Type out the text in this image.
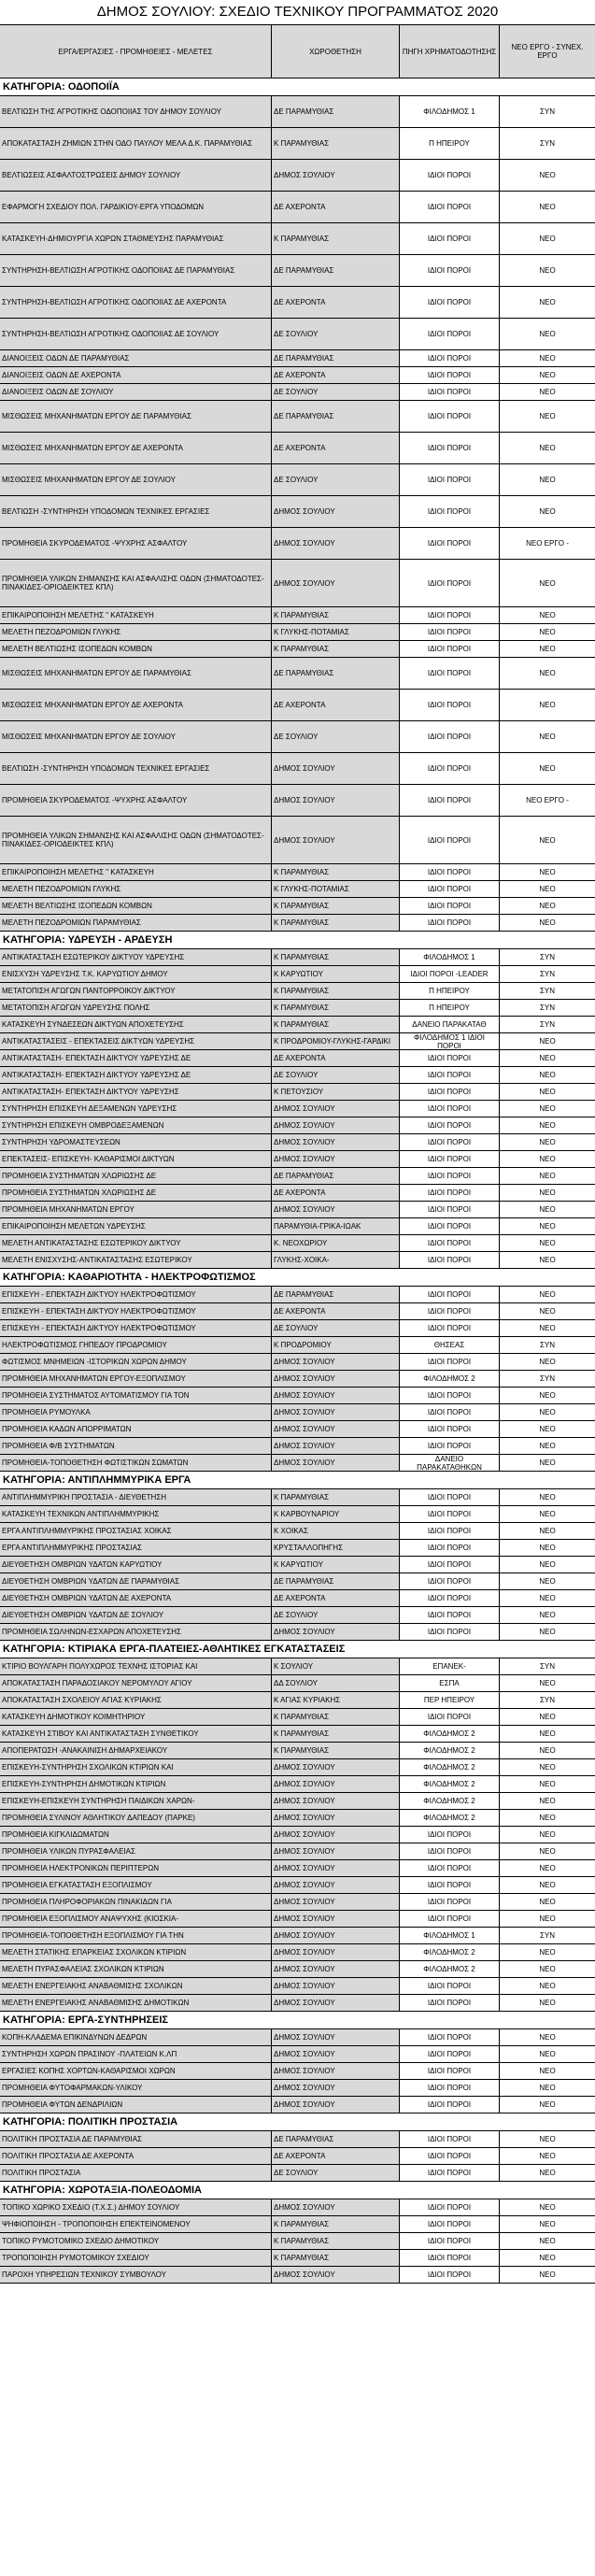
ΔΗΜΟΣ ΣΟΥΛΙΟΥ: ΣΧΕΔΙΟ ΤΕΧΝΙΚΟΥ ΠΡΟΓΡΑΜΜΑΤΟΣ 2020
ΕΡΓΑ/ΕΡΓΑΣΙΕΣ - ΠΡΟΜΗΘΕΙΕΣ - ΜΕΛΕΤΕΣ	ΧΩΡΟΘΕΤΗΣΗ	ΠΗΓΗ ΧΡΗΜΑΤΟΔΟΤΗΣΗΣ	ΝΕΟ ΕΡΓΟ - ΣΥΝΕΧ. ΕΡΓΟ
ΚΑΤΗΓΟΡΙΑ: ΟΔΟΠΟΙΪΑ
ΒΕΛΤΙΩΣΗ ΤΗΣ ΑΓΡΟΤΙΚΗΣ ΟΔΟΠΟΙΙΑΣ ΤΟΥ ΔΗΜΟΥ ΣΟΥΛΙΟΥ	ΔΕ ΠΑΡΑΜΥΘΙΑΣ	ΦΙΛΟΔΗΜΟΣ 1	ΣΥΝ
ΑΠΟΚΑΤΑΣΤΑΣΗ ΖΗΜΙΩΝ ΣΤΗΝ ΟΔΟ ΠΑΥΛΟΥ ΜΕΛΑ Δ.Κ. ΠΑΡΑΜΥΘΙΑΣ	Κ ΠΑΡΑΜΥΘΙΑΣ	Π ΗΠΕΙΡΟΥ	ΣΥΝ
ΒΕΛΤΙΩΣΕΙΣ ΑΣΦΑΛΤΟΣΤΡΩΣΕΙΣ ΔΗΜΟΥ ΣΟΥΛΙΟΥ	ΔΗΜΟΣ ΣΟΥΛΙΟΥ	ΙΔΙΟΙ ΠΟΡΟΙ	ΝΕΟ
ΕΦΑΡΜΟΓΗ ΣΧΕΔΙΟΥ ΠΟΛ. ΓΑΡΔΙΚΙΟΥ-ΕΡΓΑ ΥΠΟΔΟΜΩΝ	ΔΕ ΑΧΕΡΟΝΤΑ	ΙΔΙΟΙ ΠΟΡΟΙ	ΝΕΟ
ΚΑΤΑΣΚΕΥΗ-ΔΗΜΙΟΥΡΓΙΑ ΧΩΡΩΝ ΣΤΑΘΜΕΥΣΗΣ ΠΑΡΑΜΥΘΙΑΣ	Κ ΠΑΡΑΜΥΘΙΑΣ	ΙΔΙΟΙ ΠΟΡΟΙ	ΝΕΟ
ΣΥΝΤΗΡΗΣΗ-ΒΕΛΤΙΩΣΗ ΑΓΡΟΤΙΚΗΣ ΟΔΟΠΟΙΙΑΣ ΔΕ ΠΑΡΑΜΥΘΙΑΣ	ΔΕ ΠΑΡΑΜΥΘΙΑΣ	ΙΔΙΟΙ ΠΟΡΟΙ	ΝΕΟ
ΣΥΝΤΗΡΗΣΗ-ΒΕΛΤΙΩΣΗ ΑΓΡΟΤΙΚΗΣ ΟΔΟΠΟΙΙΑΣ ΔΕ ΑΧΕΡΟΝΤΑ	ΔΕ ΑΧΕΡΟΝΤΑ	ΙΔΙΟΙ ΠΟΡΟΙ	ΝΕΟ
ΣΥΝΤΗΡΗΣΗ-ΒΕΛΤΙΩΣΗ ΑΓΡΟΤΙΚΗΣ ΟΔΟΠΟΙΙΑΣ ΔΕ ΣΟΥΛΙΟΥ	ΔΕ ΣΟΥΛΙΟΥ	ΙΔΙΟΙ ΠΟΡΟΙ	ΝΕΟ
ΔΙΑΝΟΙΞΕΙΣ ΟΔΩΝ ΔΕ ΠΑΡΑΜΥΘΙΑΣ	ΔΕ ΠΑΡΑΜΥΘΙΑΣ	ΙΔΙΟΙ ΠΟΡΟΙ	ΝΕΟ
ΔΙΑΝΟΙΞΕΙΣ ΟΔΩΝ ΔΕ ΑΧΕΡΟΝΤΑ	ΔΕ ΑΧΕΡΟΝΤΑ	ΙΔΙΟΙ ΠΟΡΟΙ	ΝΕΟ
ΔΙΑΝΟΙΞΕΙΣ ΟΔΩΝ ΔΕ ΣΟΥΛΙΟΥ	ΔΕ ΣΟΥΛΙΟΥ	ΙΔΙΟΙ ΠΟΡΟΙ	ΝΕΟ
ΜΙΣΘΩΣΕΙΣ ΜΗΧΑΝΗΜΑΤΩΝ ΕΡΓΟΥ ΔΕ ΠΑΡΑΜΥΘΙΑΣ	ΔΕ ΠΑΡΑΜΥΘΙΑΣ	ΙΔΙΟΙ ΠΟΡΟΙ	ΝΕΟ
ΜΙΣΘΩΣΕΙΣ ΜΗΧΑΝΗΜΑΤΩΝ ΕΡΓΟΥ ΔΕ ΑΧΕΡΟΝΤΑ	ΔΕ ΑΧΕΡΟΝΤΑ	ΙΔΙΟΙ ΠΟΡΟΙ	ΝΕΟ
ΜΙΣΘΩΣΕΙΣ ΜΗΧΑΝΗΜΑΤΩΝ ΕΡΓΟΥ ΔΕ ΣΟΥΛΙΟΥ	ΔΕ ΣΟΥΛΙΟΥ	ΙΔΙΟΙ ΠΟΡΟΙ	ΝΕΟ
ΒΕΛΤΙΩΣΗ -ΣΥΝΤΗΡΗΣΗ ΥΠΟΔΟΜΩΝ ΤΕΧΝΙΚΕΣ ΕΡΓΑΣΙΕΣ	ΔΗΜΟΣ ΣΟΥΛΙΟΥ	ΙΔΙΟΙ ΠΟΡΟΙ	ΝΕΟ
ΠΡΟΜΗΘΕΙΑ ΣΚΥΡΟΔΕΜΑΤΟΣ -ΨΥΧΡΗΣ ΑΣΦΑΛΤΟΥ	ΔΗΜΟΣ ΣΟΥΛΙΟΥ	ΙΔΙΟΙ ΠΟΡΟΙ	ΝΕΟ ΕΡΓΟ -
ΠΡΟΜΗΘΕΙΑ ΥΛΙΚΩΝ ΣΗΜΑΝΣΗΣ ΚΑΙ ΑΣΦΑΛΙΣΗΣ ΟΔΩΝ (ΣΗΜΑΤΟΔΟΤΕΣ-ΠΙΝΑΚΙΔΕΣ-ΟΡΙΟΔΕΙΚΤΕΣ ΚΠΛ)	ΔΗΜΟΣ ΣΟΥΛΙΟΥ	ΙΔΙΟΙ ΠΟΡΟΙ	ΝΕΟ
ΕΠΙΚΑΙΡΟΠΟΙΗΣΗ ΜΕΛΕΤΗΣ " ΚΑΤΑΣΚΕΥΗ	Κ ΠΑΡΑΜΥΘΙΑΣ	ΙΔΙΟΙ ΠΟΡΟΙ	ΝΕΟ
ΜΕΛΕΤΗ ΠΕΖΟΔΡΟΜΙΩΝ ΓΛΥΚΗΣ	Κ ΓΛΥΚΗΣ-ΠΟΤΑΜΙΑΣ	ΙΔΙΟΙ ΠΟΡΟΙ	ΝΕΟ
ΜΕΛΕΤΗ ΒΕΛΤΙΩΣΗΣ ΙΣΟΠΕΔΩΝ ΚΟΜΒΩΝ	Κ ΠΑΡΑΜΥΘΙΑΣ	ΙΔΙΟΙ ΠΟΡΟΙ	ΝΕΟ
ΜΙΣΘΩΣΕΙΣ ΜΗΧΑΝΗΜΑΤΩΝ ΕΡΓΟΥ ΔΕ ΠΑΡΑΜΥΘΙΑΣ	ΔΕ ΠΑΡΑΜΥΘΙΑΣ	ΙΔΙΟΙ ΠΟΡΟΙ	ΝΕΟ
ΜΙΣΘΩΣΕΙΣ ΜΗΧΑΝΗΜΑΤΩΝ ΕΡΓΟΥ ΔΕ ΑΧΕΡΟΝΤΑ	ΔΕ ΑΧΕΡΟΝΤΑ	ΙΔΙΟΙ ΠΟΡΟΙ	ΝΕΟ
ΜΙΣΘΩΣΕΙΣ ΜΗΧΑΝΗΜΑΤΩΝ ΕΡΓΟΥ ΔΕ ΣΟΥΛΙΟΥ	ΔΕ ΣΟΥΛΙΟΥ	ΙΔΙΟΙ ΠΟΡΟΙ	ΝΕΟ
ΒΕΛΤΙΩΣΗ -ΣΥΝΤΗΡΗΣΗ ΥΠΟΔΟΜΩΝ ΤΕΧΝΙΚΕΣ ΕΡΓΑΣΙΕΣ	ΔΗΜΟΣ ΣΟΥΛΙΟΥ	ΙΔΙΟΙ ΠΟΡΟΙ	ΝΕΟ
ΠΡΟΜΗΘΕΙΑ ΣΚΥΡΟΔΕΜΑΤΟΣ -ΨΥΧΡΗΣ ΑΣΦΑΛΤΟΥ	ΔΗΜΟΣ ΣΟΥΛΙΟΥ	ΙΔΙΟΙ ΠΟΡΟΙ	ΝΕΟ ΕΡΓΟ -
ΠΡΟΜΗΘΕΙΑ ΥΛΙΚΩΝ ΣΗΜΑΝΣΗΣ ΚΑΙ ΑΣΦΑΛΙΣΗΣ ΟΔΩΝ (ΣΗΜΑΤΟΔΟΤΕΣ-ΠΙΝΑΚΙΔΕΣ-ΟΡΙΟΔΕΙΚΤΕΣ ΚΠΛ)	ΔΗΜΟΣ ΣΟΥΛΙΟΥ	ΙΔΙΟΙ ΠΟΡΟΙ	ΝΕΟ
ΕΠΙΚΑΙΡΟΠΟΙΗΣΗ ΜΕΛΕΤΗΣ " ΚΑΤΑΣΚΕΥΗ	Κ ΠΑΡΑΜΥΘΙΑΣ	ΙΔΙΟΙ ΠΟΡΟΙ	ΝΕΟ
ΜΕΛΕΤΗ ΠΕΖΟΔΡΟΜΙΩΝ ΓΛΥΚΗΣ	Κ ΓΛΥΚΗΣ-ΠΟΤΑΜΙΑΣ	ΙΔΙΟΙ ΠΟΡΟΙ	ΝΕΟ
ΜΕΛΕΤΗ ΒΕΛΤΙΩΣΗΣ ΙΣΟΠΕΔΩΝ ΚΟΜΒΩΝ	Κ ΠΑΡΑΜΥΘΙΑΣ	ΙΔΙΟΙ ΠΟΡΟΙ	ΝΕΟ
ΜΕΛΕΤΗ ΠΕΖΟΔΡΟΜΙΩΝ ΠΑΡΑΜΥΘΙΑΣ	Κ ΠΑΡΑΜΥΘΙΑΣ	ΙΔΙΟΙ ΠΟΡΟΙ	ΝΕΟ
ΚΑΤΗΓΟΡΙΑ: ΥΔΡΕΥΣΗ - ΑΡΔΕΥΣΗ
ΑΝΤΙΚΑΤΑΣΤΑΣΗ ΕΣΩΤΕΡΙΚΟΥ ΔΙΚΤΥΟΥ ΥΔΡΕΥΣΗΣ	Κ ΠΑΡΑΜΥΘΙΑΣ	ΦΙΛΟΔΗΜΟΣ 1	ΣΥΝ
ΕΝΙΣΧΥΣΗ ΥΔΡΕΥΣΗΣ Τ.Κ. ΚΑΡΥΩΤΙΟΥ ΔΗΜΟΥ	Κ ΚΑΡΥΩΤΙΟΥ	ΙΔΙΟΙ ΠΟΡΟΙ -LEADER	ΣΥΝ
ΜΕΤΑΤΟΠΙΣΗ ΑΓΩΓΩΝ ΠΑΝΤΟΡΡΟΙΚΟΥ ΔΙΚΤΥΟΥ	Κ ΠΑΡΑΜΥΘΙΑΣ	Π ΗΠΕΙΡΟΥ	ΣΥΝ
ΜΕΤΑΤΟΠΙΣΗ ΑΓΩΓΩΝ ΥΔΡΕΥΣΗΣ ΠΟΛΗΣ	Κ ΠΑΡΑΜΥΘΙΑΣ	Π ΗΠΕΙΡΟΥ	ΣΥΝ
ΚΑΤΑΣΚΕΥΗ ΣΥΝΔΕΣΕΩΝ ΔΙΚΤΥΩΝ ΑΠΟΧΕΤΕΥΣΗΣ	Κ ΠΑΡΑΜΥΘΙΑΣ	ΔΑΝΕΙΟ ΠΑΡΑΚΑΤΑΘ	ΣΥΝ
ΑΝΤΙΚΑΤΑΣΤΑΣΕΙΣ - ΕΠΕΚΤΑΣΕΙΣ ΔΙΚΤΥΩΝ ΥΔΡΕΥΣΗΣ	Κ ΠΡΟΔΡΟΜΙΟΥ-ΓΛΥΚΗΣ-ΓΑΡΔΙΚΙ	ΦΙΛΟΔΗΜΟΣ 1 ΙΔΙΟΙ ΠΟΡΟΙ	ΝΕΟ
ΑΝΤΙΚΑΤΑΣΤΑΣΗ- ΕΠΕΚΤΑΣΗ ΔΙΚΤΥΟΥ ΥΔΡΕΥΣΗΣ ΔΕ	ΔΕ ΑΧΕΡΟΝΤΑ	ΙΔΙΟΙ ΠΟΡΟΙ	ΝΕΟ
ΑΝΤΙΚΑΤΑΣΤΑΣΗ- ΕΠΕΚΤΑΣΗ ΔΙΚΤΥΟΥ ΥΔΡΕΥΣΗΣ ΔΕ	ΔΕ ΣΟΥΛΙΟΥ	ΙΔΙΟΙ ΠΟΡΟΙ	ΝΕΟ
ΑΝΤΙΚΑΤΑΣΤΑΣΗ- ΕΠΕΚΤΑΣΗ ΔΙΚΤΥΟΥ ΥΔΡΕΥΣΗΣ	Κ ΠΕΤΟΥΣΙΟΥ	ΙΔΙΟΙ ΠΟΡΟΙ	ΝΕΟ
ΣΥΝΤΗΡΗΣΗ ΕΠΙΣΚΕΥΗ ΔΕΞΑΜΕΝΩΝ ΥΔΡΕΥΣΗΣ	ΔΗΜΟΣ ΣΟΥΛΙΟΥ	ΙΔΙΟΙ ΠΟΡΟΙ	ΝΕΟ
ΣΥΝΤΗΡΗΣΗ ΕΠΙΣΚΕΥΗ ΟΜΒΡΟΔΕΞΑΜΕΝΩΝ	ΔΗΜΟΣ ΣΟΥΛΙΟΥ	ΙΔΙΟΙ ΠΟΡΟΙ	ΝΕΟ
ΣΥΝΤΗΡΗΣΗ ΥΔΡΟΜΑΣΤΕΥΣΕΩΝ	ΔΗΜΟΣ ΣΟΥΛΙΟΥ	ΙΔΙΟΙ ΠΟΡΟΙ	ΝΕΟ
ΕΠΕΚΤΑΣΕΙΣ- ΕΠΙΣΚΕΥΗ- ΚΑΘΑΡΙΣΜΟΙ ΔΙΚΤΥΩΝ	ΔΗΜΟΣ ΣΟΥΛΙΟΥ	ΙΔΙΟΙ ΠΟΡΟΙ	ΝΕΟ
ΠΡΟΜΗΘΕΙΑ ΣΥΣΤΗΜΑΤΩΝ ΧΛΩΡΙΩΣΗΣ ΔΕ	ΔΕ ΠΑΡΑΜΥΘΙΑΣ	ΙΔΙΟΙ ΠΟΡΟΙ	ΝΕΟ
ΠΡΟΜΗΘΕΙΑ ΣΥΣΤΗΜΑΤΩΝ ΧΛΩΡΙΩΣΗΣ ΔΕ	ΔΕ ΑΧΕΡΟΝΤΑ	ΙΔΙΟΙ ΠΟΡΟΙ	ΝΕΟ
ΠΡΟΜΗΘΕΙΑ ΜΗΧΑΝΗΜΑΤΩΝ ΕΡΓΟΥ	ΔΗΜΟΣ ΣΟΥΛΙΟΥ	ΙΔΙΟΙ ΠΟΡΟΙ	ΝΕΟ
ΕΠΙΚΑΙΡΟΠΟΙΗΣΗ ΜΕΛΕΤΩΝ ΥΔΡΕΥΣΗΣ	ΠΑΡΑΜΥΘΙΑ-ΓΡΙΚΑ-ΙΩΑΚ	ΙΔΙΟΙ ΠΟΡΟΙ	ΝΕΟ
ΜΕΛΕΤΗ ΑΝΤΙΚΑΤΑΣΤΑΣΗΣ ΕΣΩΤΕΡΙΚΟΥ ΔΙΚΤΥΟΥ	Κ. ΝΕΟΧΩΡΙΟΥ	ΙΔΙΟΙ ΠΟΡΟΙ	ΝΕΟ
ΜΕΛΕΤΗ ΕΝΙΣΧΥΣΗΣ-ΑΝΤΙΚΑΤΑΣΤΑΣΗΣ ΕΣΩΤΕΡΙΚΟΥ	ΓΛΥΚΗΣ-ΧΟΙΚΑ-	ΙΔΙΟΙ ΠΟΡΟΙ	ΝΕΟ
ΚΑΤΗΓΟΡΙΑ: ΚΑΘΑΡΙΟΤΗΤΑ - ΗΛΕΚΤΡΟΦΩΤΙΣΜΟΣ
ΕΠΙΣΚΕΥΗ - ΕΠΕΚΤΑΣΗ ΔΙΚΤΥΟΥ ΗΛΕΚΤΡΟΦΩΤΙΣΜΟΥ	ΔΕ ΠΑΡΑΜΥΘΙΑΣ	ΙΔΙΟΙ ΠΟΡΟΙ	ΝΕΟ
ΕΠΙΣΚΕΥΗ - ΕΠΕΚΤΑΣΗ ΔΙΚΤΥΟΥ ΗΛΕΚΤΡΟΦΩΤΙΣΜΟΥ	ΔΕ ΑΧΕΡΟΝΤΑ	ΙΔΙΟΙ ΠΟΡΟΙ	ΝΕΟ
ΕΠΙΣΚΕΥΗ - ΕΠΕΚΤΑΣΗ ΔΙΚΤΥΟΥ ΗΛΕΚΤΡΟΦΩΤΙΣΜΟΥ	ΔΕ ΣΟΥΛΙΟΥ	ΙΔΙΟΙ ΠΟΡΟΙ	ΝΕΟ
ΗΛΕΚΤΡΟΦΩΤΙΣΜΟΣ ΓΗΠΕΔΟΥ ΠΡΟΔΡΟΜΙΟΥ	Κ ΠΡΟΔΡΟΜΙΟΥ	ΘΗΣΕΑΣ	ΣΥΝ
ΦΩΤΙΣΜΟΣ ΜΝΗΜΕΙΩΝ -ΙΣΤΟΡΙΚΩΝ ΧΩΡΩΝ ΔΗΜΟΥ	ΔΗΜΟΣ ΣΟΥΛΙΟΥ	ΙΔΙΟΙ ΠΟΡΟΙ	ΝΕΟ
ΠΡΟΜΗΘΕΙΑ ΜΗΧΑΝΗΜΑΤΩΝ ΕΡΓΟΥ-ΕΞΟΠΛΙΣΜΟΥ	ΔΗΜΟΣ ΣΟΥΛΙΟΥ	ΦΙΛΟΔΗΜΟΣ 2	ΣΥΝ
ΠΡΟΜΗΘΕΙΑ ΣΥΣΤΗΜΑΤΟΣ ΑΥΤΟΜΑΤΙΣΜΟΥ ΓΙΑ ΤΟΝ	ΔΗΜΟΣ ΣΟΥΛΙΟΥ	ΙΔΙΟΙ ΠΟΡΟΙ	ΝΕΟ
ΠΡΟΜΗΘΕΙΑ ΡΥΜΟΥΛΚΑ	ΔΗΜΟΣ ΣΟΥΛΙΟΥ	ΙΔΙΟΙ ΠΟΡΟΙ	ΝΕΟ
ΠΡΟΜΗΘΕΙΑ ΚΑΔΩΝ ΑΠΟΡΡΙΜΑΤΩΝ	ΔΗΜΟΣ ΣΟΥΛΙΟΥ	ΙΔΙΟΙ ΠΟΡΟΙ	ΝΕΟ
ΠΡΟΜΗΘΕΙΑ Φ/Β ΣΥΣΤΗΜΑΤΩΝ	ΔΗΜΟΣ ΣΟΥΛΙΟΥ	ΙΔΙΟΙ ΠΟΡΟΙ	ΝΕΟ
ΠΡΟΜΗΘΕΙΑ-ΤΟΠΟΘΕΤΗΣΗ ΦΩΤΙΣΤΙΚΩΝ ΣΩΜΑΤΩΝ	ΔΗΜΟΣ ΣΟΥΛΙΟΥ	ΔΑΝΕΙΟ ΠΑΡΑΚΑΤΑΘΗΚΩΝ	ΝΕΟ
ΚΑΤΗΓΟΡΙΑ: ΑΝΤΙΠΛΗΜΜΥΡΙΚΑ ΕΡΓΑ
ΑΝΤΙΠΛΗΜΜΥΡΙΚΗ ΠΡΟΣΤΑΣΙΑ - ΔΙΕΥΘΕΤΗΣΗ	Κ ΠΑΡΑΜΥΘΙΑΣ	ΙΔΙΟΙ ΠΟΡΟΙ	ΝΕΟ
ΚΑΤΑΣΚΕΥΗ ΤΕΧΝΙΚΩΝ ΑΝΤΙΠΛΗΜΜΥΡΙΚΗΣ	Κ ΚΑΡΒΟΥΝΑΡΙΟΥ	ΙΔΙΟΙ ΠΟΡΟΙ	ΝΕΟ
ΕΡΓΑ ΑΝΤΙΠΛΗΜΜΥΡΙΚΗΣ ΠΡΟΣΤΑΣΙΑΣ ΧΟΙΚΑΣ	Κ ΧΟΙΚΑΣ	ΙΔΙΟΙ ΠΟΡΟΙ	ΝΕΟ
ΕΡΓΑ ΑΝΤΙΠΛΗΜΜΥΡΙΚΗΣ ΠΡΟΣΤΑΣΙΑΣ	ΚΡΥΣΤΑΛΛΟΠΗΓΗΣ	ΙΔΙΟΙ ΠΟΡΟΙ	ΝΕΟ
ΔΙΕΥΘΕΤΗΣΗ ΟΜΒΡΙΩΝ ΥΔΑΤΩΝ ΚΑΡΥΩΤΙΟΥ	Κ ΚΑΡΥΩΤΙΟΥ	ΙΔΙΟΙ ΠΟΡΟΙ	ΝΕΟ
ΔΙΕΥΘΕΤΗΣΗ ΟΜΒΡΙΩΝ ΥΔΑΤΩΝ ΔΕ ΠΑΡΑΜΥΘΙΑΣ	ΔΕ ΠΑΡΑΜΥΘΙΑΣ	ΙΔΙΟΙ ΠΟΡΟΙ	ΝΕΟ
ΔΙΕΥΘΕΤΗΣΗ ΟΜΒΡΙΩΝ ΥΔΑΤΩΝ ΔΕ ΑΧΕΡΟΝΤΑ	ΔΕ ΑΧΕΡΟΝΤΑ	ΙΔΙΟΙ ΠΟΡΟΙ	ΝΕΟ
ΔΙΕΥΘΕΤΗΣΗ ΟΜΒΡΙΩΝ ΥΔΑΤΩΝ ΔΕ ΣΟΥΛΙΟΥ	ΔΕ ΣΟΥΛΙΟΥ	ΙΔΙΟΙ ΠΟΡΟΙ	ΝΕΟ
ΠΡΟΜΗΘΕΙΑ ΣΩΛΗΝΩΝ-ΕΣΧΑΡΩΝ ΑΠΟΧΕΤΕΥΣΗΣ	ΔΗΜΟΣ ΣΟΥΛΙΟΥ	ΙΔΙΟΙ ΠΟΡΟΙ	ΝΕΟ
ΚΑΤΗΓΟΡΙΑ: ΚΤΙΡΙΑΚΑ ΕΡΓΑ-ΠΛΑΤΕΙΕΣ-ΑΘΛΗΤΙΚΕΣ ΕΓΚΑΤΑΣΤΑΣΕΙΣ
ΚΤΙΡΙΟ ΒΟΥΛΓΑΡΗ ΠΟΛΥΧΩΡΟΣ ΤΕΧΝΗΣ ΙΣΤΟΡΙΑΣ ΚΑΙ	Κ ΣΟΥΛΙΟΥ	ΕΠΑΝΕΚ-	ΣΥΝ
ΑΠΟΚΑΤΑΣΤΑΣΗ ΠΑΡΑΔΟΣΙΑΚΟΥ ΝΕΡΟΜΥΛΟΥ ΑΓΙΟΥ	ΔΔ ΣΟΥΛΙΟΥ	ΕΣΠΑ	ΝΕΟ
ΑΠΟΚΑΤΑΣΤΑΣΗ ΣΧΟΛΕΙΟΥ ΑΓΙΑΣ ΚΥΡΙΑΚΗΣ	Κ ΑΓΙΑΣ ΚΥΡΙΑΚΗΣ	ΠΕΡ ΗΠΕΙΡΟΥ	ΣΥΝ
ΚΑΤΑΣΚΕΥΗ ΔΗΜΟΤΙΚΟΥ ΚΟΙΜΗΤΗΡΙΟΥ	Κ ΠΑΡΑΜΥΘΙΑΣ	ΙΔΙΟΙ ΠΟΡΟΙ	ΝΕΟ
ΚΑΤΑΣΚΕΥΗ ΣΤΙΒΟΥ ΚΑΙ ΑΝΤΙΚΑΤΑΣΤΑΣΗ ΣΥΝΘΕΤΙΚΟΥ	Κ ΠΑΡΑΜΥΘΙΑΣ	ΦΙΛΟΔΗΜΟΣ 2	ΝΕΟ
ΑΠΟΠΕΡΑΤΩΣΗ -ΑΝΑΚΑΙΝΙΣΗ ΔΗΜΑΡΧΕΙΑΚΟΥ	Κ ΠΑΡΑΜΥΘΙΑΣ	ΦΙΛΟΔΗΜΟΣ 2	ΝΕΟ
ΕΠΙΣΚΕΥΗ-ΣΥΝΤΗΡΗΣΗ ΣΧΟΛΙΚΩΝ ΚΤΙΡΙΩΝ ΚΑΙ	ΔΗΜΟΣ ΣΟΥΛΙΟΥ	ΦΙΛΟΔΗΜΟΣ 2	ΝΕΟ
ΕΠΙΣΚΕΥΗ-ΣΥΝΤΗΡΗΣΗ ΔΗΜΟΤΙΚΩΝ ΚΤΙΡΙΩΝ	ΔΗΜΟΣ ΣΟΥΛΙΟΥ	ΦΙΛΟΔΗΜΟΣ 2	ΝΕΟ
ΕΠΙΣΚΕΥΗ-ΕΠΙΣΚΕΥΗ ΣΥΝΤΗΡΗΣΗ ΠΑΙΔΙΚΩΝ ΧΑΡΩΝ-	ΔΗΜΟΣ ΣΟΥΛΙΟΥ	ΦΙΛΟΔΗΜΟΣ 2	ΝΕΟ
ΠΡΟΜΗΘΕΙΑ ΣΥΛΙΝΟΥ ΑΘΛΗΤΙΚΟΥ ΔΑΠΕΔΟΥ (ΠΑΡΚΕ)	ΔΗΜΟΣ ΣΟΥΛΙΟΥ	ΦΙΛΟΔΗΜΟΣ 2	ΝΕΟ
ΠΡΟΜΗΘΕΙΑ ΚΙΓΚΛΙΔΩΜΑΤΩΝ	ΔΗΜΟΣ ΣΟΥΛΙΟΥ	ΙΔΙΟΙ ΠΟΡΟΙ	ΝΕΟ
ΠΡΟΜΗΘΕΙΑ ΥΛΙΚΩΝ ΠΥΡΑΣΦΑΛΕΙΑΣ	ΔΗΜΟΣ ΣΟΥΛΙΟΥ	ΙΔΙΟΙ ΠΟΡΟΙ	ΝΕΟ
ΠΡΟΜΗΘΕΙΑ ΗΛΕΚΤΡΟΝΙΚΩΝ ΠΕΡΙΠΤΕΡΩΝ	ΔΗΜΟΣ ΣΟΥΛΙΟΥ	ΙΔΙΟΙ ΠΟΡΟΙ	ΝΕΟ
ΠΡΟΜΗΘΕΙΑ ΕΓΚΑΤΑΣΤΑΣΗ ΕΞΟΠΛΙΣΜΟΥ	ΔΗΜΟΣ ΣΟΥΛΙΟΥ	ΙΔΙΟΙ ΠΟΡΟΙ	ΝΕΟ
ΠΡΟΜΗΘΕΙΑ ΠΛΗΡΟΦΟΡΙΑΚΩΝ ΠΙΝΑΚΙΔΩΝ ΓΙΑ	ΔΗΜΟΣ ΣΟΥΛΙΟΥ	ΙΔΙΟΙ ΠΟΡΟΙ	ΝΕΟ
ΠΡΟΜΗΘΕΙΑ ΕΞΟΠΛΙΣΜΟΥ ΑΝΑΨΥΧΗΣ (ΚΙΟΣΚΙΑ-	ΔΗΜΟΣ ΣΟΥΛΙΟΥ	ΙΔΙΟΙ ΠΟΡΟΙ	ΝΕΟ
ΠΡΟΜΗΘΕΙΑ-ΤΟΠΟΘΕΤΗΣΗ ΕΞΟΠΛΙΣΜΟΥ ΓΙΑ ΤΗΝ	ΔΗΜΟΣ ΣΟΥΛΙΟΥ	ΦΙΛΟΔΗΜΟΣ 1	ΣΥΝ
ΜΕΛΕΤΗ ΣΤΑΤΙΚΗΣ ΕΠΑΡΚΕΙΑΣ ΣΧΟΛΙΚΩΝ ΚΤΙΡΙΩΝ	ΔΗΜΟΣ ΣΟΥΛΙΟΥ	ΦΙΛΟΔΗΜΟΣ 2	ΝΕΟ
ΜΕΛΕΤΗ ΠΥΡΑΣΦΑΛΕΙΑΣ ΣΧΟΛΙΚΩΝ ΚΤΙΡΙΩΝ	ΔΗΜΟΣ ΣΟΥΛΙΟΥ	ΦΙΛΟΔΗΜΟΣ 2	ΝΕΟ
ΜΕΛΕΤΗ ΕΝΕΡΓΕΙΑΚΗΣ ΑΝΑΒΑΘΜΙΣΗΣ ΣΧΟΛΙΚΩΝ	ΔΗΜΟΣ ΣΟΥΛΙΟΥ	ΙΔΙΟΙ ΠΟΡΟΙ	ΝΕΟ
ΜΕΛΕΤΗ ΕΝΕΡΓΕΙΑΚΗΣ ΑΝΑΒΑΘΜΙΣΗΣ ΔΗΜΟΤΙΚΩΝ	ΔΗΜΟΣ ΣΟΥΛΙΟΥ	ΙΔΙΟΙ ΠΟΡΟΙ	ΝΕΟ
ΚΑΤΗΓΟΡΙΑ: ΕΡΓΑ-ΣΥΝΤΗΡΗΣΕΙΣ
ΚΟΠΗ-ΚΛΑΔΕΜΑ ΕΠΙΚΙΝΔΥΝΩΝ ΔΕΔΡΩΝ	ΔΗΜΟΣ ΣΟΥΛΙΟΥ	ΙΔΙΟΙ ΠΟΡΟΙ	ΝΕΟ
ΣΥΝΤΗΡΗΣΗ ΧΩΡΩΝ ΠΡΑΣΙΝΟΥ -ΠΛΑΤΕΙΩΝ Κ.ΛΠ	ΔΗΜΟΣ ΣΟΥΛΙΟΥ	ΙΔΙΟΙ ΠΟΡΟΙ	ΝΕΟ
ΕΡΓΑΣΙΕΣ ΚΟΠΗΣ ΧΟΡΤΩΝ-ΚΑΘΑΡΙΣΜΟΙ ΧΩΡΩΝ	ΔΗΜΟΣ ΣΟΥΛΙΟΥ	ΙΔΙΟΙ ΠΟΡΟΙ	ΝΕΟ
ΠΡΟΜΗΘΕΙΑ ΦΥΤΟΦΑΡΜΑΚΩΝ-ΥΛΙΚΟΥ	ΔΗΜΟΣ ΣΟΥΛΙΟΥ	ΙΔΙΟΙ ΠΟΡΟΙ	ΝΕΟ
ΠΡΟΜΗΘΕΙΑ ΦΥΤΩΝ ΔΕΝΔΡΙΛΙΩΝ	ΔΗΜΟΣ ΣΟΥΛΙΟΥ	ΙΔΙΟΙ ΠΟΡΟΙ	ΝΕΟ
ΚΑΤΗΓΟΡΙΑ: ΠΟΛΙΤΙΚΗ ΠΡΟΣΤΑΣΙΑ
ΠΟΛΙΤΙΚΗ ΠΡΟΣΤΑΣΙΑ ΔΕ ΠΑΡΑΜΥΘΙΑΣ	ΔΕ ΠΑΡΑΜΥΘΙΑΣ	ΙΔΙΟΙ ΠΟΡΟΙ	ΝΕΟ
ΠΟΛΙΤΙΚΗ ΠΡΟΣΤΑΣΙΑ ΔΕ ΑΧΕΡΟΝΤΑ	ΔΕ ΑΧΕΡΟΝΤΑ	ΙΔΙΟΙ ΠΟΡΟΙ	ΝΕΟ
ΠΟΛΙΤΙΚΗ ΠΡΟΣΤΑΣΙΑ	ΔΕ ΣΟΥΛΙΟΥ	ΙΔΙΟΙ ΠΟΡΟΙ	ΝΕΟ
ΚΑΤΗΓΟΡΙΑ: ΧΩΡΟΤΑΞΙΑ-ΠΟΛΕΟΔΟΜΙΑ
ΤΟΠΙΚΟ ΧΩΡΙΚΟ ΣΧΕΔΙΟ (Τ.Χ.Σ.) ΔΗΜΟΥ ΣΟΥΛΙΟΥ	ΔΗΜΟΣ ΣΟΥΛΙΟΥ	ΙΔΙΟΙ ΠΟΡΟΙ	ΝΕΟ
ΨΗΦΙΟΠΟΙΗΣΗ - ΤΡΟΠΟΠΟΙΗΣΗ ΕΠΕΚΤΕΙΝΟΜΕΝΟΥ	Κ ΠΑΡΑΜΥΘΙΑΣ	ΙΔΙΟΙ ΠΟΡΟΙ	ΝΕΟ
ΤΟΠΙΚΟ ΡΥΜΟΤΟΜΙΚΟ ΣΧΕΔΙΟ ΔΗΜΟΤΙΚΟΥ	Κ ΠΑΡΑΜΥΘΙΑΣ	ΙΔΙΟΙ ΠΟΡΟΙ	ΝΕΟ
ΤΡΟΠΟΠΟΙΗΣΗ ΡΥΜΟΤΟΜΙΚΟΥ ΣΧΕΔΙΟΥ	Κ ΠΑΡΑΜΥΘΙΑΣ	ΙΔΙΟΙ ΠΟΡΟΙ	ΝΕΟ
ΠΑΡΟΧΗ ΥΠΗΡΕΣΙΩΝ ΤΕΧΝΙΚΟΥ ΣΥΜΒΟΥΛΟΥ	ΔΗΜΟΣ ΣΟΥΛΙΟΥ	ΙΔΙΟΙ ΠΟΡΟΙ	ΝΕΟ
